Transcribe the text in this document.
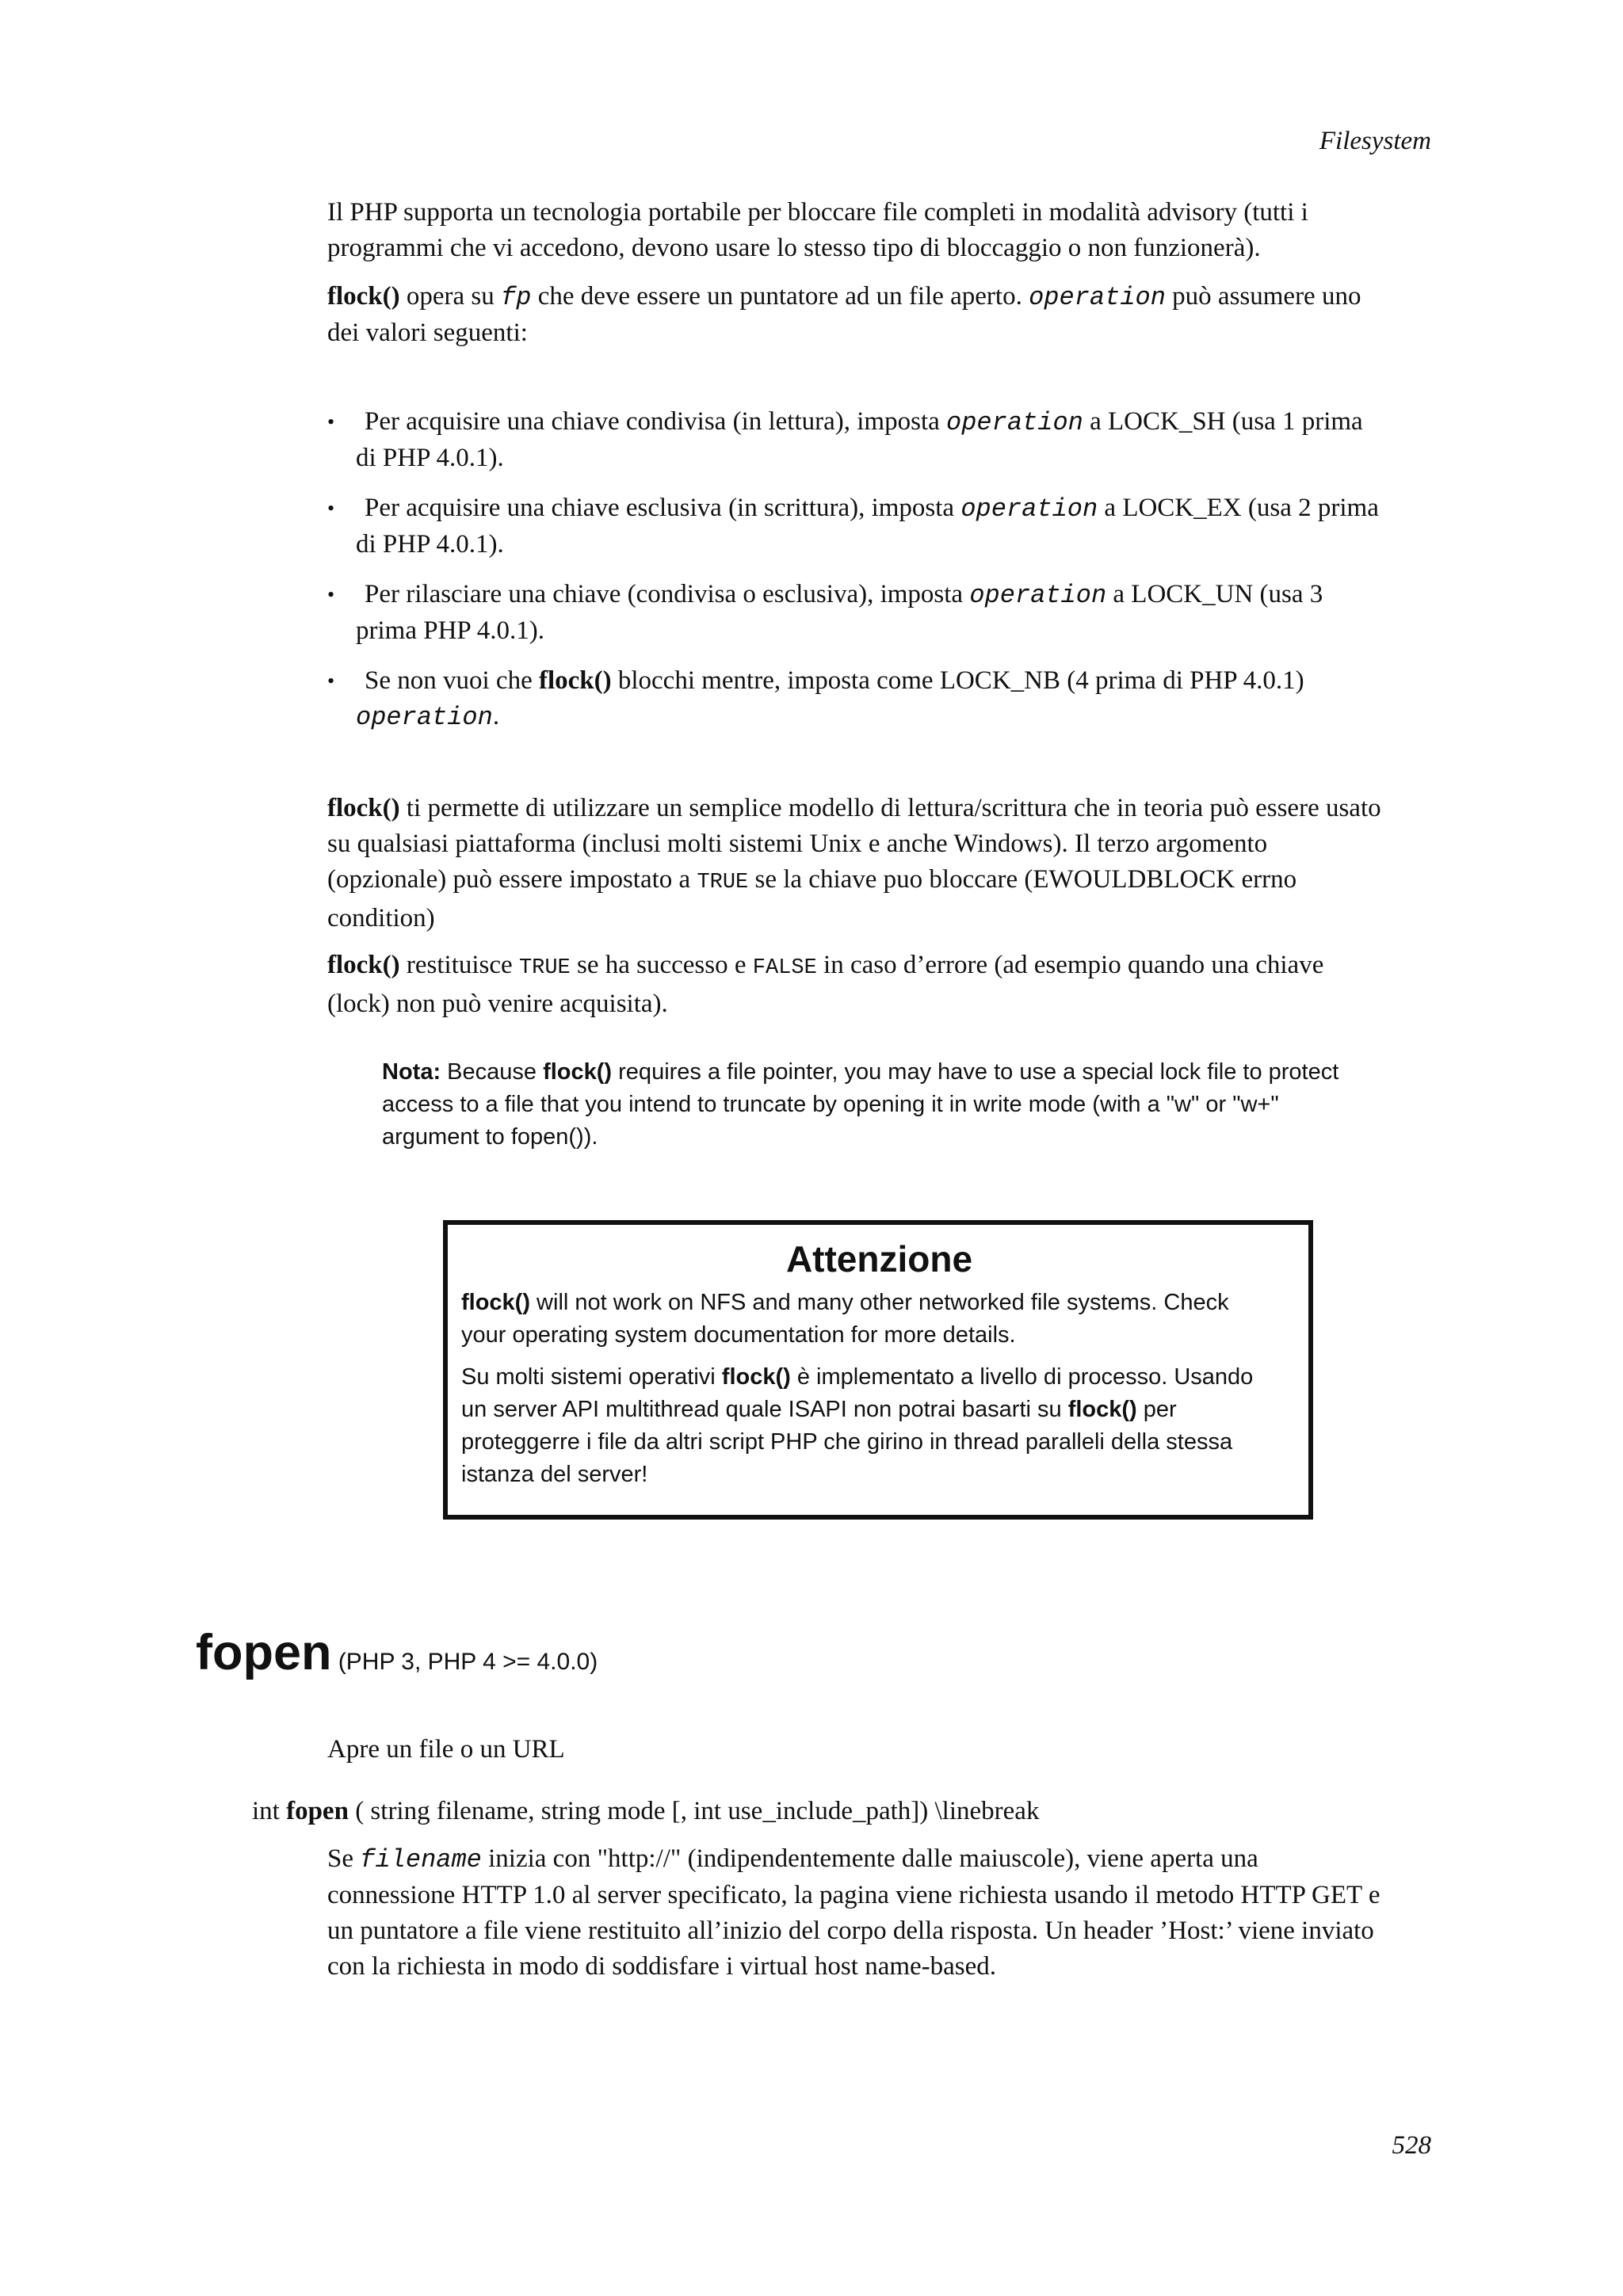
Filesystem

Il PHP supporta un tecnologia portabile per bloccare file completi in modalità advisory (tutti i
programmi che vi accedono, devono usare lo stesso tipo di bloccaggio o non funzionerà).

flock() opera su fp che deve essere un puntatore ad un file aperto. operation può assumere uno
dei valori seguenti:

• Per acquisire una chiave condivisa (in lettura), imposta operation a LOCK_SH (usa 1 prima
di PHP 4.0.1).
• Per acquisire una chiave esclusiva (in scrittura), imposta operation a LOCK_EX (usa 2 prima
di PHP 4.0.1).
• Per rilasciare una chiave (condivisa o esclusiva), imposta operation a LOCK_UN (usa 3
prima PHP 4.0.1).
• Se non vuoi che flock() blocchi mentre, imposta come LOCK_NB (4 prima di PHP 4.0.1)
operation.

flock() ti permette di utilizzare un semplice modello di lettura/scrittura che in teoria può essere usato
su qualsiasi piattaforma (inclusi molti sistemi Unix e anche Windows). Il terzo argomento
(opzionale) può essere impostato a TRUE se la chiave puo bloccare (EWOULDBLOCK errno
condition)

flock() restituisce TRUE se ha successo e FALSE in caso d’errore (ad esempio quando una chiave
(lock) non può venire acquisita).

Nota: Because flock() requires a file pointer, you may have to use a special lock file to protect
access to a file that you intend to truncate by opening it in write mode (with a "w" or "w+"
argument to fopen()).

Attenzione

flock() will not work on NFS and many other networked file systems. Check
your operating system documentation for more details.

Su molti sistemi operativi flock() è implementato a livello di processo. Usando
un server API multithread quale ISAPI non potrai basarti su flock() per
proteggerre i file da altri script PHP che girino in thread paralleli della stessa
istanza del server!

fopen (PHP 3, PHP 4 >= 4.0.0)
Apre un file o un URL
int fopen ( string filename, string mode [, int use_include_path]) \linebreak

Se filename inizia con "http://" (indipendentemente dalle maiuscole), viene aperta una
connessione HTTP 1.0 al server specificato, la pagina viene richiesta usando il metodo HTTP GET e
un puntatore a file viene restituito all’inizio del corpo della risposta. Un header ’Host:’ viene inviato
con la richiesta in modo di soddisfare i virtual host name-based.

528
